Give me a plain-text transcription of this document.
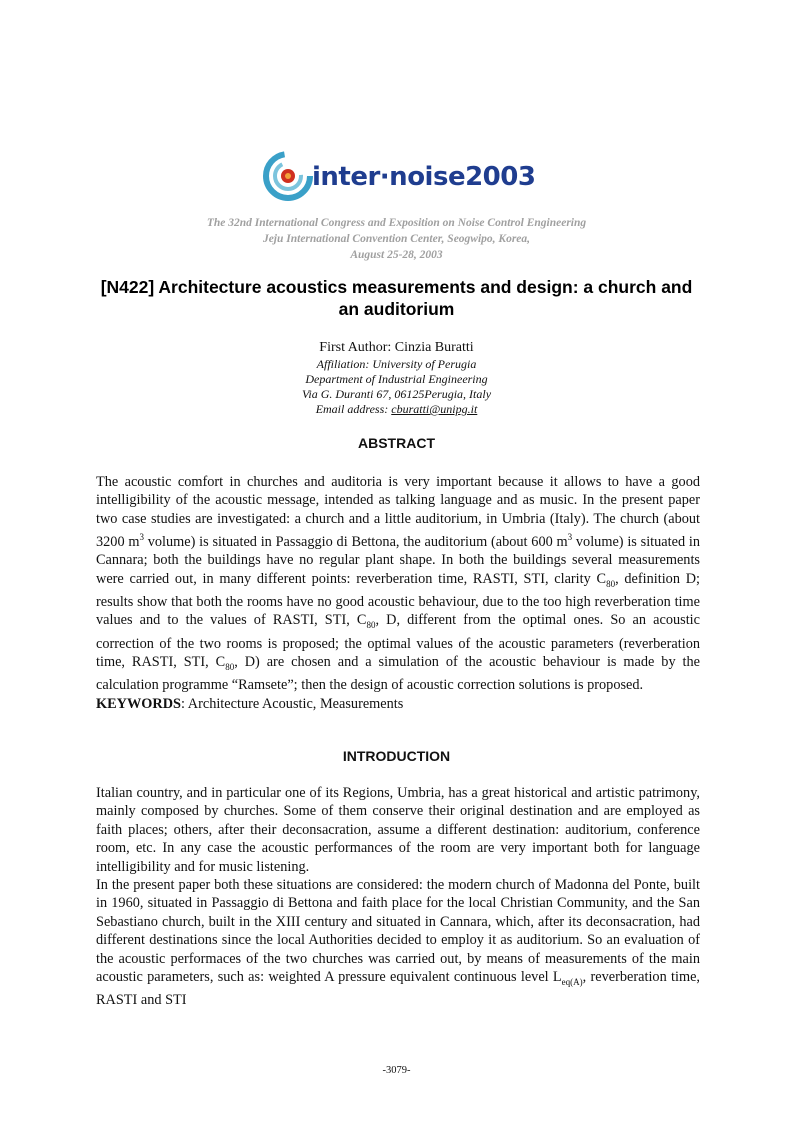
inter·noise2003
The 32nd International Congress and Exposition on Noise Control Engineering
Jeju International Convention Center, Seogwipo, Korea,
August 25-28, 2003
[N422] Architecture acoustics measurements and design: a church and an auditorium
First Author: Cinzia Buratti
Affiliation: University of Perugia
Department of Industrial Engineering
Via G. Duranti 67, 06125Perugia, Italy
Email address: cburatti@unipg.it
ABSTRACT

The acoustic comfort in churches and auditoria is very important because it allows to have a good intelligibility of the acoustic message, intended as talking language and as music. In the present paper two case studies are investigated: a church and a little auditorium, in Umbria (Italy). The church (about 3200 $m^3$ volume) is situated in Passaggio di Bettona, the auditorium (about 600 $m^3$ volume) is situated in Cannara; both the buildings have no regular plant shape. In both the buildings several measurements were carried out, in many different points: reverberation time, RASTI, STI, clarity $C_{80}$, definition D; results show that both the rooms have no good acoustic behaviour, due to the too high reverberation time values and to the values of RASTI, STI, $C_{80}$, D, different from the optimal ones. So an acoustic correction of the two rooms is proposed; the optimal values of the acoustic parameters (reverberation time, RASTI, STI, $C_{80}$, D) are chosen and a simulation of the acoustic behaviour is made by the calculation programme “Ramsete”; then the design of acoustic correction solutions is proposed.

KEYWORDS: Architecture Acoustic, Measurements

INTRODUCTION

Italian country, and in particular one of its Regions, Umbria, has a great historical and artistic patrimony, mainly composed by churches. Some of them conserve their original destination and are employed as faith places; others, after their deconsacration, assume a different destination: auditorium, conference room, etc. In any case the acoustic performances of the room are very important both for language intelligibility and for music listening.

In the present paper both these situations are considered: the modern church of Madonna del Ponte, built in 1960, situated in Passaggio di Bettona and faith place for the local Christian Community, and the San Sebastiano church, built in the XIII century and situated in Cannara, which, after its deconsacration, had different destinations since the local Authorities decided to employ it as auditorium. So an evaluation of the acoustic performaces of the two churches was carried out, by means of measurements of the main acoustic parameters, such as: weighted A pressure equivalent continuous level $L_{eq(A)}$, reverberation time, RASTI and STI

-3079-
